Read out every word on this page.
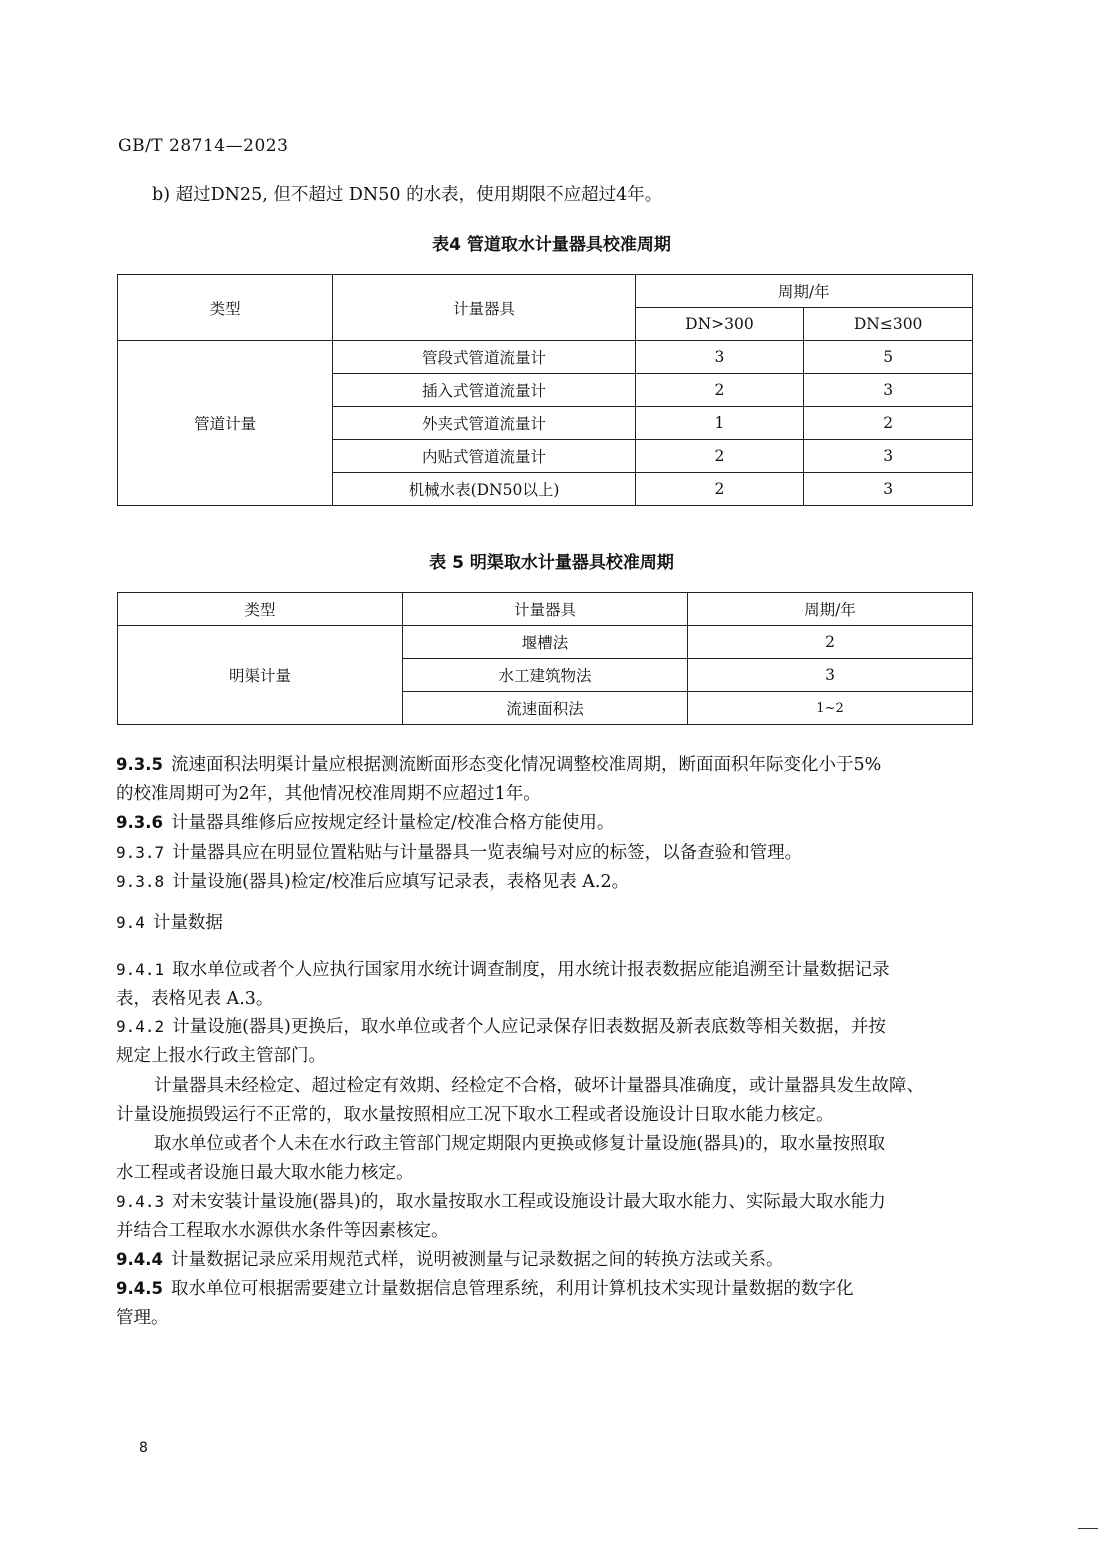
GB/T 28714—2023
b) 超过DN25, 但不超过 DN50 的水表，使用期限不应超过4年。
表4 管道取水计量器具校准周期
类型	计量器具	周期/年	
		DN>300	DN≤300
管道计量	管段式管道流量计	3	5
	插入式管道流量计	2	3
	外夹式管道流量计	1	2
	内贴式管道流量计	2	3
	机械水表(DN50以上)	2	3
表 5 明渠取水计量器具校准周期
类型	计量器具	周期/年
明渠计量	堰槽法	2
	水工建筑物法	3
	流速面积法	1~2
9.3.5 流速面积法明渠计量应根据测流断面形态变化情况调整校准周期，断面面积年际变化小于5%
的校准周期可为2年，其他情况校准周期不应超过1年。
9.3.6 计量器具维修后应按规定经计量检定/校准合格方能使用。
9.3.7 计量器具应在明显位置粘贴与计量器具一览表编号对应的标签，以备查验和管理。
9.3.8 计量设施(器具)检定/校准后应填写记录表，表格见表 A.2。
9.4 计量数据
9.4.1 取水单位或者个人应执行国家用水统计调查制度，用水统计报表数据应能追溯至计量数据记录
表，表格见表 A.3。
9.4.2 计量设施(器具)更换后，取水单位或者个人应记录保存旧表数据及新表底数等相关数据，并按
规定上报水行政主管部门。
计量器具未经检定、超过检定有效期、经检定不合格，破坏计量器具准确度，或计量器具发生故障、
计量设施损毁运行不正常的，取水量按照相应工况下取水工程或者设施设计日取水能力核定。
取水单位或者个人未在水行政主管部门规定期限内更换或修复计量设施(器具)的，取水量按照取
水工程或者设施日最大取水能力核定。
9.4.3 对未安装计量设施(器具)的，取水量按取水工程或设施设计最大取水能力、实际最大取水能力
并结合工程取水水源供水条件等因素核定。
9.4.4 计量数据记录应采用规范式样，说明被测量与记录数据之间的转换方法或关系。
9.4.5 取水单位可根据需要建立计量数据信息管理系统，利用计算机技术实现计量数据的数字化
管理。
8
